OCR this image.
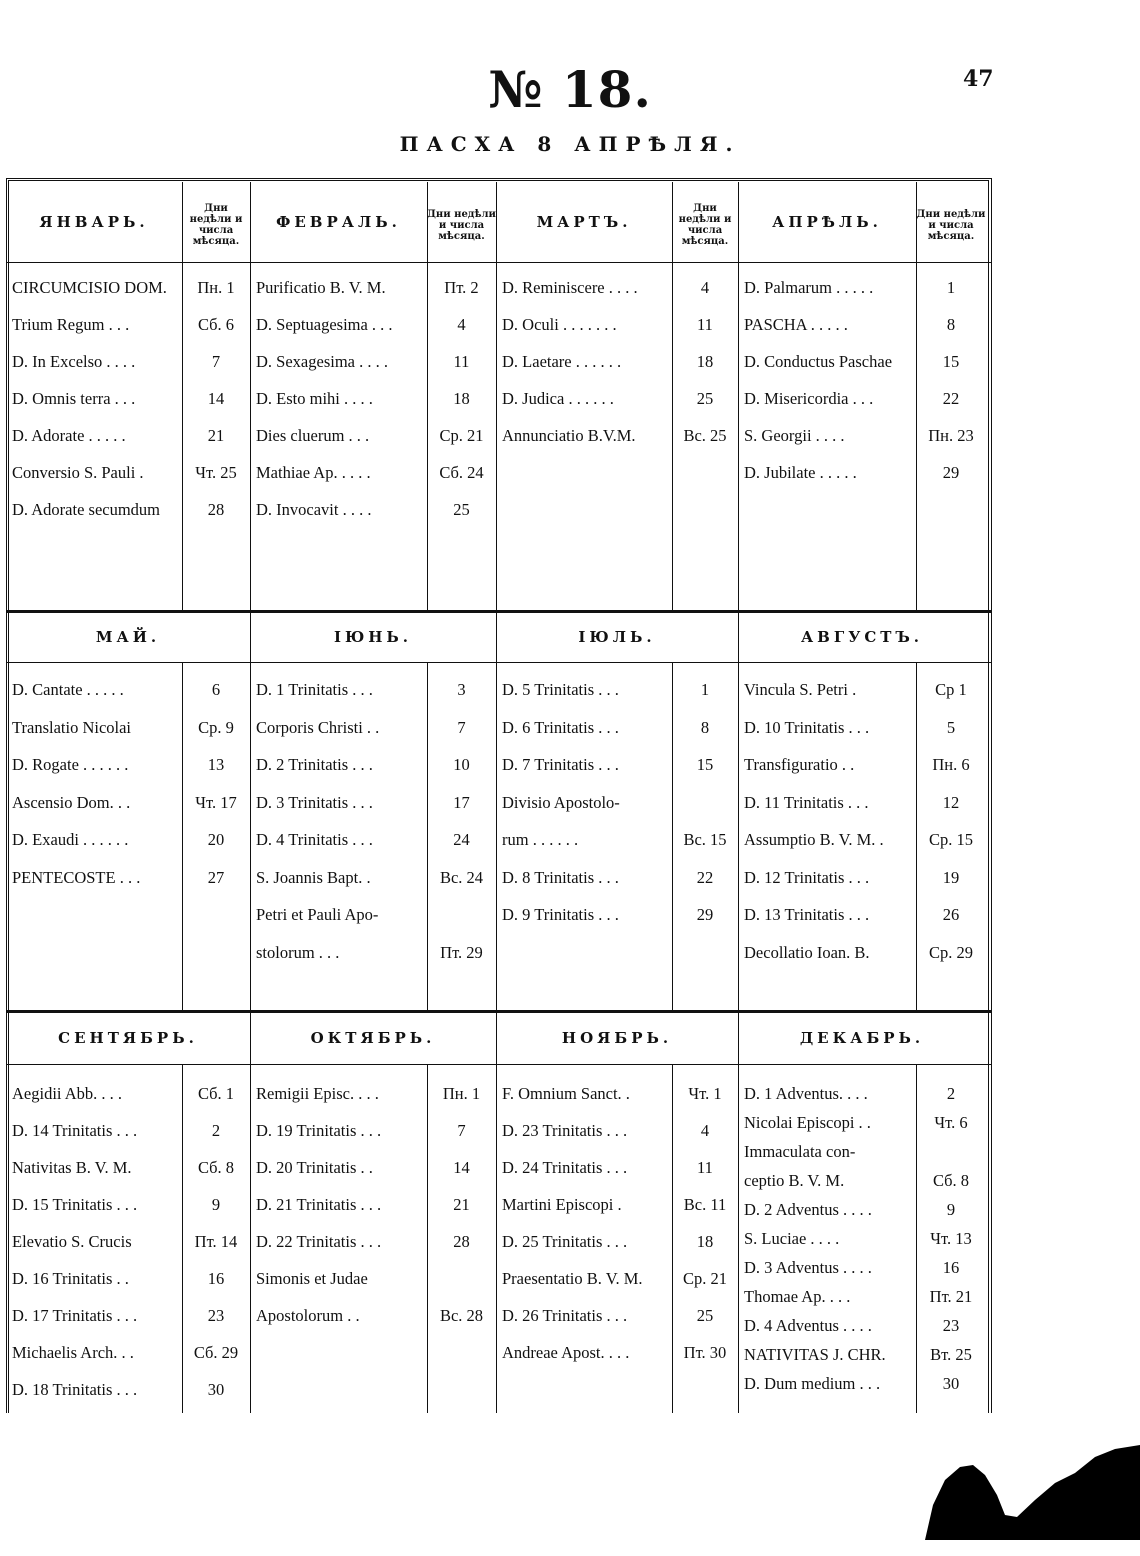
47
№ 18.
ПАСХА 8 АПРѢЛЯ.
ЯНВАРЬ.
Дни недѣли и числа мѣсяца.
CIRCUMCISIO DOM.	Пн. 1
Trium Regum . . .	Сб. 6
D. In Excelso . . . .	7
D. Omnis terra . . .	14
D. Adorate . . . . .	21
Conversio S. Pauli .	Чт. 25
D. Adorate secumdum	28
ФЕВРАЛЬ.	Дни недѣли и числа мѣсяца.
Purificatio B. V. M.	Пт. 2
D. Septuagesima . . .	4
D. Sexagesima . . . .	11
D. Esto mihi . . . .	18
Dies cluerum . . .	Ср. 21
Mathiae Ap. . . . .	Сб. 24
D. Invocavit . . . .	25
МАРТЪ.
Дни недѣли и числа мѣсяца.
D. Reminiscere . . . .	4
D. Oculi . . . . . . .	11
D. Laetare . . . . . .	18
D. Judica . . . . . .	25
Annunciatio B.V.M.	Вс. 25
АПРѢЛЬ.	Дни недѣли и числа мѣсяца.
D. Palmarum . . . . .	1
PASCHA . . . . .	8
D. Conductus Paschae	15
D. Misericordia . . .	22
S. Georgii . . . .	Пн. 23
D. Jubilate . . . . .	29
МАЙ.
D. Cantate . . . . .	6
Translatio Nicolai	Ср. 9
D. Rogate . . . . . .	13
Ascensio Dom. . .	Чт. 17
D. Exaudi . . . . . .	20
PENTECOSTE . . .	27
IЮНЬ.
D. 1 Trinitatis . . .	3
Corporis Christi . .	7
D. 2 Trinitatis . . .	10
D. 3 Trinitatis . . .	17
D. 4 Trinitatis . . .	24
S. Joannis Bapt. .	Вс. 24
Petri et Pauli Apo-
stolorum . . .	Пт. 29
IЮЛЬ.
D. 5 Trinitatis . . .	1
D. 6 Trinitatis . . .	8
D. 7 Trinitatis . . .	15
Divisio Apostolo-
rum . . . . . .	Вс. 15
D. 8 Trinitatis . . .	22
D. 9 Trinitatis . . .	29
АВГУСТЪ.
Vincula S. Petri .	Ср 1
D. 10 Trinitatis . . .	5
Transfiguratio . .	Пн. 6
D. 11 Trinitatis . . .	12
Assumptio B. V. M. .	Ср. 15
D. 12 Trinitatis . . .	19
D. 13 Trinitatis . . .	26
Decollatio Ioan. B.	Ср. 29
СЕНТЯБРЬ.
Aegidii Abb. . . .	Сб. 1
D. 14 Trinitatis . . .	2
Nativitas B. V. M.	Сб. 8
D. 15 Trinitatis . . .	9
Elevatio S. Crucis	Пт. 14
D. 16 Trinitatis . .	16
D. 17 Trinitatis . . .	23
Michaelis Arch. . .	Сб. 29
D. 18 Trinitatis . . .	30
ОКТЯБРЬ.
Remigii Episc. . . .	Пн. 1
D. 19 Trinitatis . . .	7
D. 20 Trinitatis . .	14
D. 21 Trinitatis . . .	21
D. 22 Trinitatis . . .	28
Simonis et Judae
Apostolorum . .	Вс. 28
НОЯБРЬ.
F. Omnium Sanct. .	Чт. 1
D. 23 Trinitatis . . .	4
D. 24 Trinitatis . . .	11
Martini Episcopi .	Вс. 11
D. 25 Trinitatis . . .	18
Praesentatio B. V. M.	Ср. 21
D. 26 Trinitatis . . .	25
Andreae Apost. . . .	Пт. 30
ДЕКАБРЬ.
D. 1 Adventus. . . .	2
Nicolai Episcopi . .	Чт. 6
Immaculata con-
ceptio B. V. M.	Сб. 8
D. 2 Adventus . . . .	9
S. Luciae . . . .	Чт. 13
D. 3 Adventus . . . .	16
Thomae Ap. . . .	Пт. 21
D. 4 Adventus . . . .	23
NATIVITAS J. CHR.	Вт. 25
D. Dum medium . . .	30
